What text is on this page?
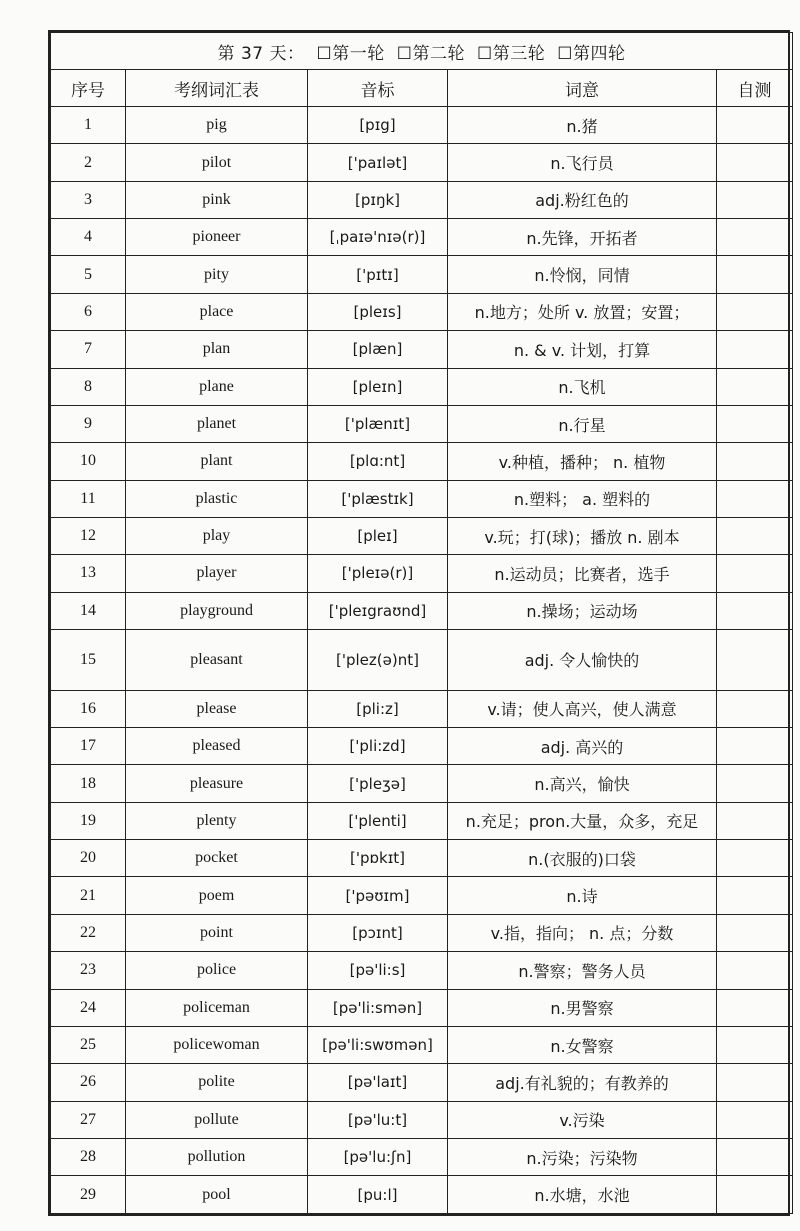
第 37 天： ☐第一轮 ☐第二轮 ☐第三轮 ☐第四轮				
序号	考纲词汇表	音标	词意	自测
1	pig	[pɪg]	n.猪	
2	pilot	['paɪlət]	n.飞行员	
3	pink	[pɪŋk]	adj.粉红色的	
4	pioneer	[ˌpaɪə'nɪə(r)]	n.先锋，开拓者	
5	pity	['pɪtɪ]	n.怜悯，同情	
6	place	[pleɪs]	n.地方；处所 v. 放置；安置；	
7	plan	[plæn]	n. & v. 计划，打算	
8	plane	[pleɪn]	n.飞机	
9	planet	['plænɪt]	n.行星	
10	plant	[plɑ:nt]	v.种植，播种； n. 植物	
11	plastic	['plæstɪk]	n.塑料； a. 塑料的	
12	play	[pleɪ]	v.玩；打(球)；播放 n. 剧本	
13	player	['pleɪə(r)]	n.运动员；比赛者，选手	
14	playground	['pleɪgraʊnd]	n.操场；运动场	
15	pleasant	['plez(ə)nt]	adj. 令人愉快的	
16	please	[pli:z]	v.请；使人高兴，使人满意	
17	pleased	['pli:zd]	adj. 高兴的	
18	pleasure	['pleʒə]	n.高兴，愉快	
19	plenty	['plenti]	n.充足；pron.大量，众多，充足	
20	pocket	['pɒkɪt]	n.(衣服的)口袋	
21	poem	['pəʊɪm]	n.诗	
22	point	[pɔɪnt]	v.指，指向； n. 点；分数	
23	police	[pə'li:s]	n.警察；警务人员	
24	policeman	[pə'li:smən]	n.男警察	
25	policewoman	[pə'li:swʊmən]	n.女警察	
26	polite	[pə'laɪt]	adj.有礼貌的；有教养的	
27	pollute	[pə'lu:t]	v.污染	
28	pollution	[pə'lu:ʃn]	n.污染；污染物	
29	pool	[pu:l]	n.水塘，水池	
